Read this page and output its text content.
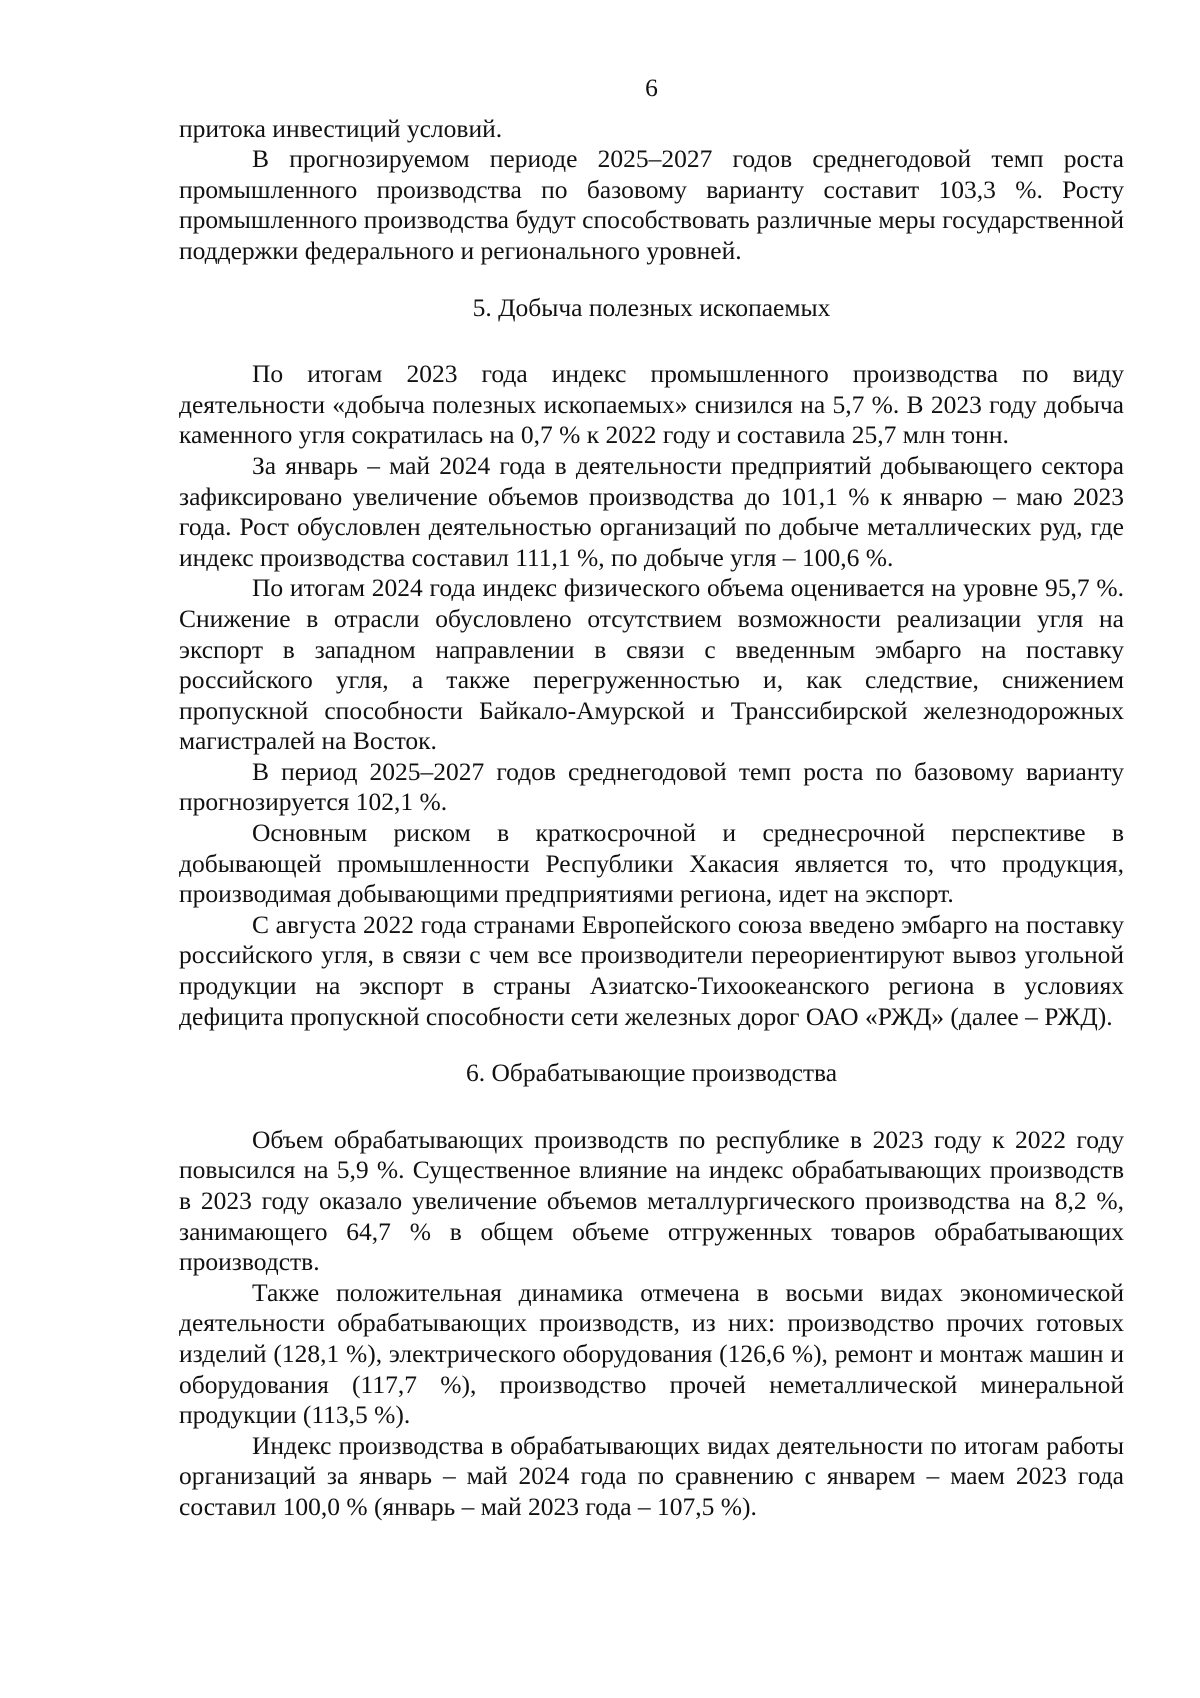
6

притока инвестиций условий.

В прогнозируемом периоде 2025–2027 годов среднегодовой темп роста промышленного производства по базовому варианту составит 103,3 %. Росту промышленного производства будут способствовать различные меры государственной поддержки федерального и регионального уровней.

5. Добыча полезных ископаемых

По итогам 2023 года индекс промышленного производства по виду деятельности «добыча полезных ископаемых» снизился на 5,7 %. В 2023 году добыча каменного угля сократилась на 0,7 % к 2022 году и составила 25,7 млн тонн.

За январь – май 2024 года в деятельности предприятий добывающего сектора зафиксировано увеличение объемов производства до 101,1 % к январю – маю 2023 года. Рост обусловлен деятельностью организаций по добыче металлических руд, где индекс производства составил 111,1 %, по добыче угля – 100,6 %.

По итогам 2024 года индекс физического объема оценивается на уровне 95,7 %. Снижение в отрасли обусловлено отсутствием возможности реализации угля на экспорт в западном направлении в связи с введенным эмбарго на поставку российского угля, а также перегруженностью и, как следствие, снижением пропускной способности Байкало-Амурской и Транссибирской железнодорожных магистралей на Восток.

В период 2025–2027 годов среднегодовой темп роста по базовому варианту прогнозируется 102,1 %.

Основным риском в краткосрочной и среднесрочной перспективе в добывающей промышленности Республики Хакасия является то, что продукция, производимая добывающими предприятиями региона, идет на экспорт.

С августа 2022 года странами Европейского союза введено эмбарго на поставку российского угля, в связи с чем все производители переориентируют вывоз угольной продукции на экспорт в страны Азиатско-Тихоокеанского региона в условиях дефицита пропускной способности сети железных дорог ОАО «РЖД» (далее – РЖД).

6. Обрабатывающие производства

Объем обрабатывающих производств по республике в 2023 году к 2022 году повысился на 5,9 %. Существенное влияние на индекс обрабатывающих производств в 2023 году оказало увеличение объемов металлургического производства на 8,2 %, занимающего 64,7 % в общем объеме отгруженных товаров обрабатывающих производств.

Также положительная динамика отмечена в восьми видах экономической деятельности обрабатывающих производств, из них: производство прочих готовых изделий (128,1 %), электрического оборудования (126,6 %), ремонт и монтаж машин и оборудования (117,7 %), производство прочей неметаллической минеральной продукции (113,5 %).

Индекс производства в обрабатывающих видах деятельности по итогам работы организаций за январь – май 2024 года по сравнению с январем – маем 2023 года составил 100,0 % (январь – май 2023 года – 107,5 %).
